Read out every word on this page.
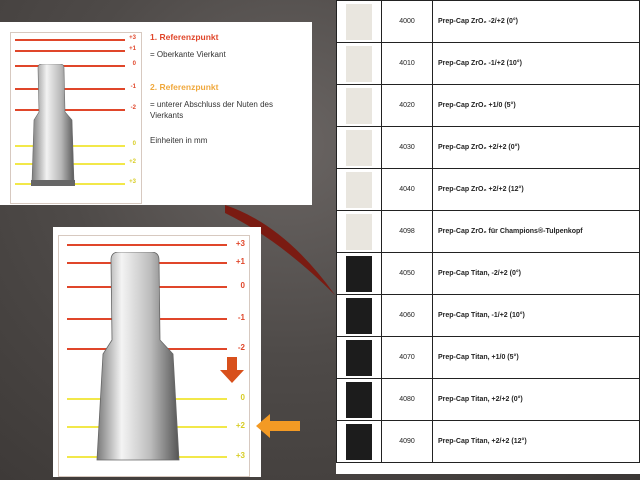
+3
+1
0
-1
-2
0
+2
+3

1. Referenzpunkt

= Oberkante Vierkant

2. Referenzpunkt

= unterer Abschluss der Nuten des Vierkants

Einheiten in mm

+3
+1
0
-1
-2
0
+2
+3
	4000	Prep-Cap ZrO₂ -2/+2 (0°)
	4010	Prep-Cap ZrO₂ -1/+2 (10°)
	4020	Prep-Cap ZrO₂ +1/0 (5°)
	4030	Prep-Cap ZrO₂ +2/+2 (0°)
	4040	Prep-Cap ZrO₂ +2/+2 (12°)
	4098	Prep-Cap ZrO₂ für Champions®-Tulpenkopf
	4050	Prep-Cap Titan, -2/+2 (0°)
	4060	Prep-Cap Titan, -1/+2 (10°)
	4070	Prep-Cap Titan, +1/0 (5°)
	4080	Prep-Cap Titan, +2/+2 (0°)
	4090	Prep-Cap Titan, +2/+2 (12°)
